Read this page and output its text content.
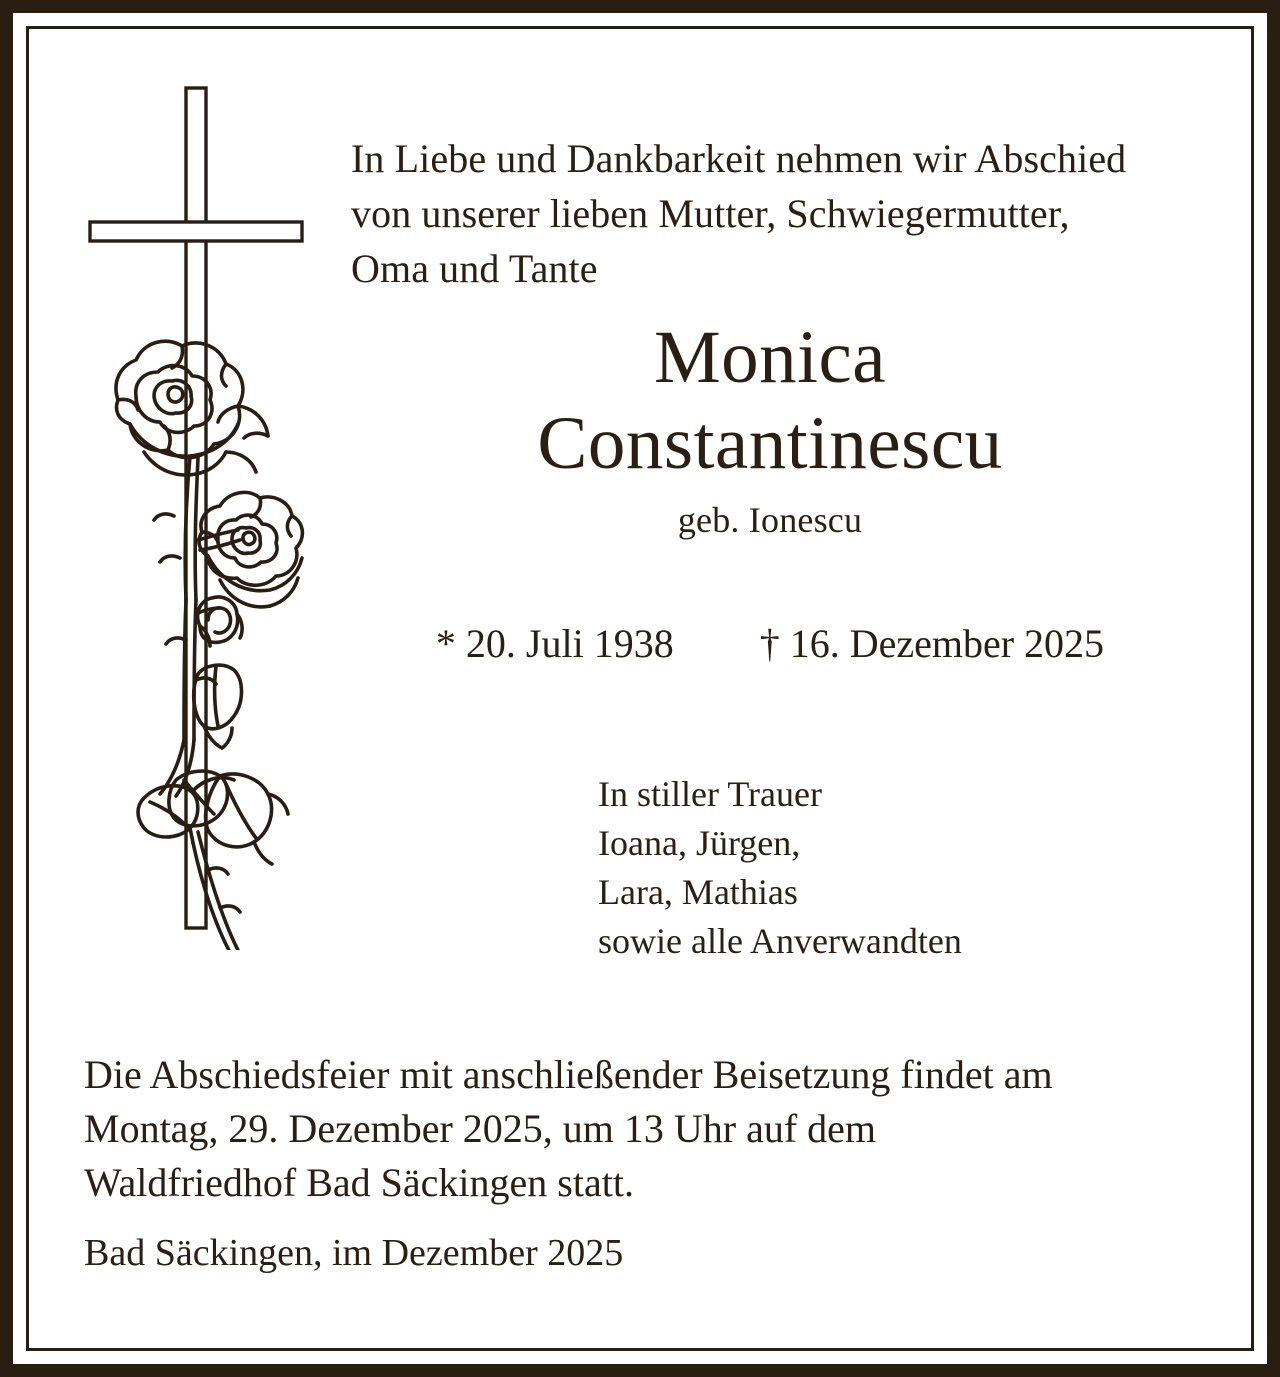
In Liebe und Dankbarkeit nehmen wir Abschied
von unserer lieben Mutter, Schwiegermutter,
Oma und Tante
Monica
Constantinescu
geb. Ionescu
* 20. Juli 1938 † 16. Dezember 2025
In stiller Trauer
Ioana, Jürgen,
Lara, Mathias
sowie alle Anverwandten
Die Abschiedsfeier mit anschließender Beisetzung findet am
Montag, 29. Dezember 2025, um 13 Uhr auf dem
Waldfriedhof Bad Säckingen statt.
Bad Säckingen, im Dezember 2025
